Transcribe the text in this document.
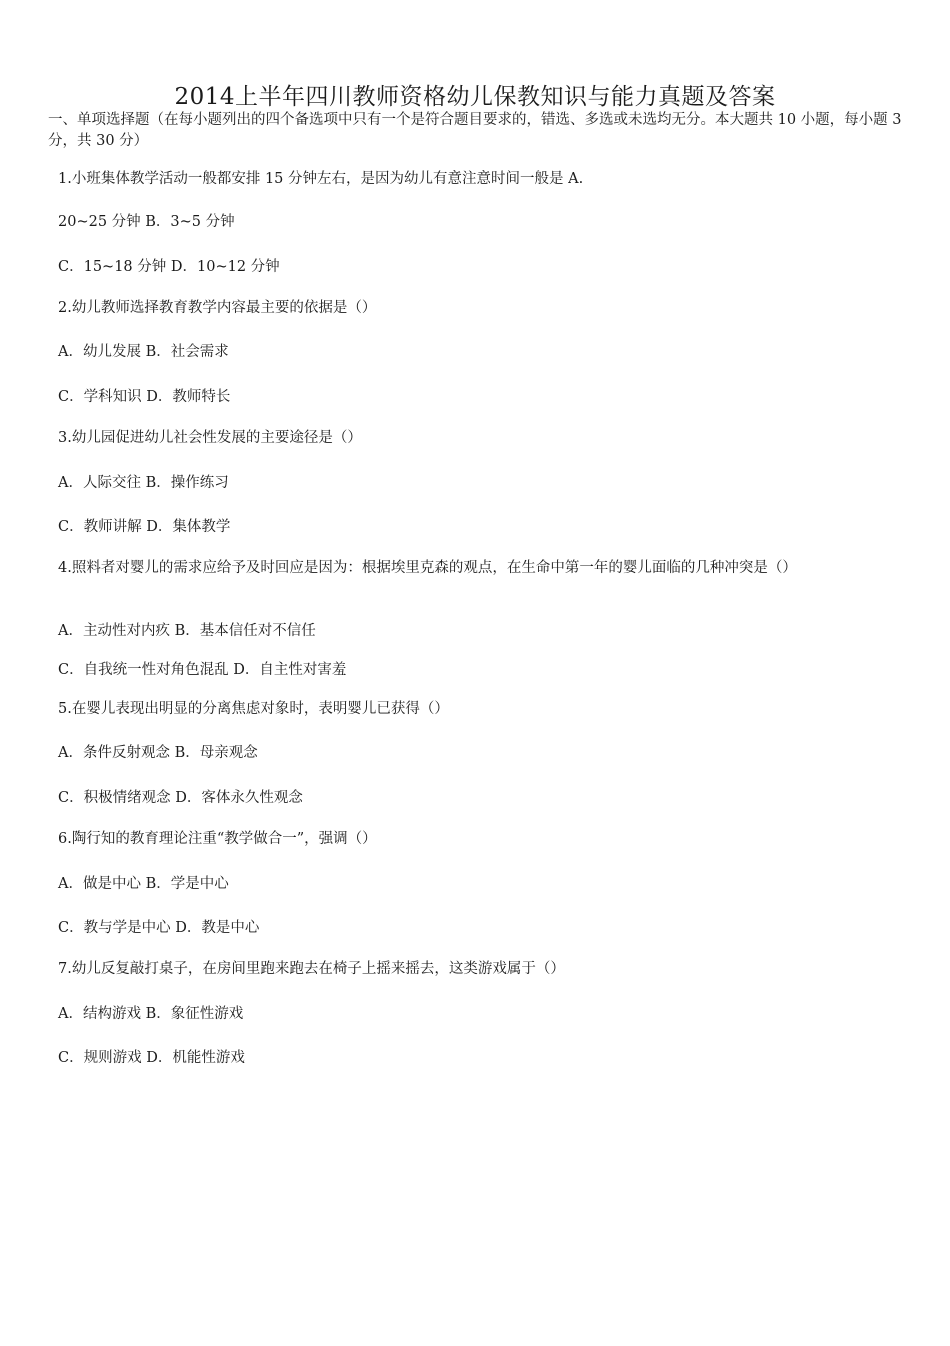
2014上半年四川教师资格幼儿保教知识与能力真题及答案
一、单项选择题（在每小题列出的四个备选项中只有一个是符合题目要求的，错选、多选或未选均无分。本大题共 10 小题，每小题 3 分，共 30 分）
1.小班集体教学活动一般都安排 15 分钟左右，是因为幼儿有意注意时间一般是 A.
20~25 分钟 B．3~5 分钟
C．15~18 分钟 D．10~12 分钟
2.幼儿教师选择教育教学内容最主要的依据是（）
A．幼儿发展 B．社会需求
C．学科知识 D．教师特长
3.幼儿园促进幼儿社会性发展的主要途径是（）
A．人际交往 B．操作练习
C．教师讲解 D．集体教学
4.照料者对婴儿的需求应给予及时回应是因为：根据埃里克森的观点，在生命中第一年的婴儿面临的几种冲突是（）
A．主动性对内疚 B．基本信任对不信任
C．自我统一性对角色混乱 D．自主性对害羞
5.在婴儿表现出明显的分离焦虑对象时，表明婴儿已获得（）
A．条件反射观念 B．母亲观念
C．积极情绪观念 D．客体永久性观念
6.陶行知的教育理论注重“教学做合一”，强调（）
A．做是中心 B．学是中心
C．教与学是中心 D．教是中心
7.幼儿反复敲打桌子，在房间里跑来跑去在椅子上摇来摇去，这类游戏属于（）
A．结构游戏 B．象征性游戏
C．规则游戏 D．机能性游戏
